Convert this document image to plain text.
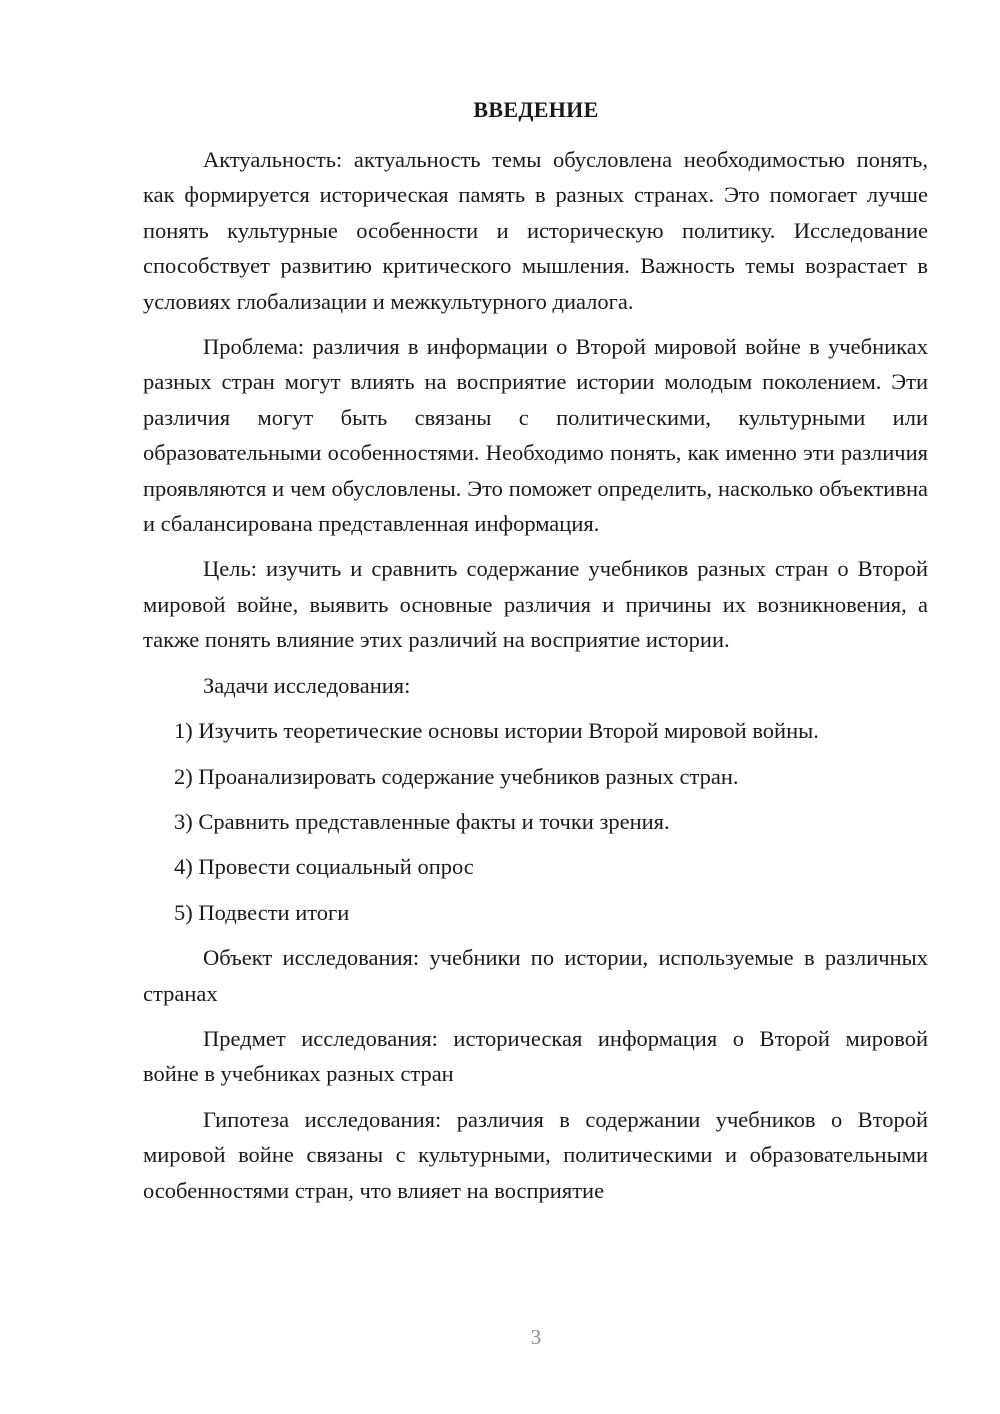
ВВЕДЕНИЕ

Актуальность: актуальность темы обусловлена необходимостью понять, как формируется историческая память в разных странах. Это помогает лучше понять культурные особенности и историческую политику. Исследование способствует развитию критического мышления. Важность темы возрастает в условиях глобализации и межкультурного диалога.

Проблема: различия в информации о Второй мировой войне в учебниках разных стран могут влиять на восприятие истории молодым поколением. Эти различия могут быть связаны с политическими, культурными или образовательными особенностями. Необходимо понять, как именно эти различия проявляются и чем обусловлены. Это поможет определить, насколько объективна и сбалансирована представленная информация.

Цель: изучить и сравнить содержание учебников разных стран о Второй мировой войне, выявить основные различия и причины их возникновения, а также понять влияние этих различий на восприятие истории.

Задачи исследования:

1) Изучить теоретические основы истории Второй мировой войны.

2) Проанализировать содержание учебников разных стран.

3) Сравнить представленные факты и точки зрения.

4) Провести социальный опрос

5) Подвести итоги

Объект исследования: учебники по истории, используемые в различных странах

Предмет исследования: историческая информация о Второй мировой войне в учебниках разных стран

Гипотеза исследования: различия в содержании учебников о Второй мировой войне связаны с культурными, политическими и образовательными особенностями стран, что влияет на восприятие

3
